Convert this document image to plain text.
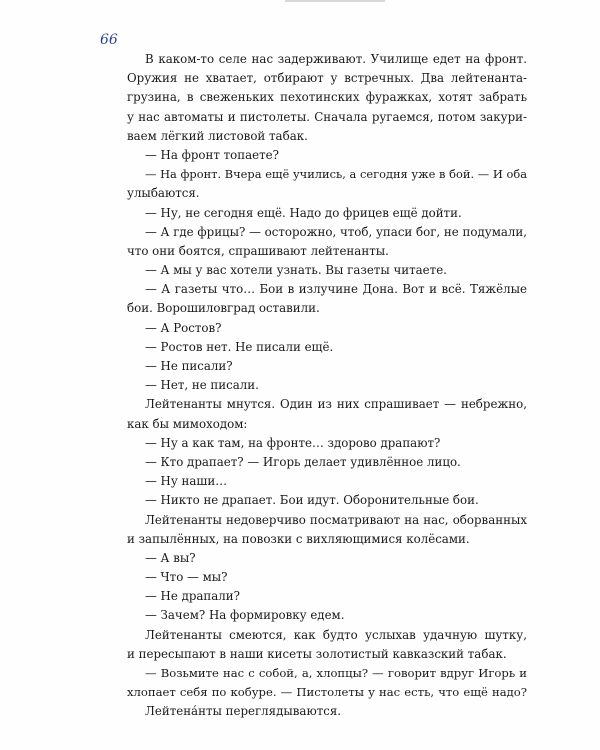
66
В каком-то селе нас задерживают. Училище едет на фронт.
Оружия не хватает, отбирают у встречных. Два лейтенанта-
грузина, в свеженьких пехотинских фуражках, хотят забрать
у нас автоматы и пистолеты. Сначала ругаемся, потом закури-
ваем лёгкий листовой табак.
— На фронт топаете?
— На фронт. Вчера ещё учились, а сегодня уже в бой. — И оба
улыбаются.
— Ну, не сегодня ещё. Надо до фрицев ещё дойти.
— А где фрицы? — осторожно, чтоб, упаси бог, не подумали,
что они боятся, спрашивают лейтенанты.
— А мы у вас хотели узнать. Вы газеты читаете.
— А газеты что… Бои в излучине Дона. Вот и всё. Тяжёлые
бои. Ворошиловград оставили.
— А Ростов?
— Ростов нет. Не писали ещё.
— Не писали?
— Нет, не писали.
Лейтенанты мнутся. Один из них спрашивает — небрежно,
как бы мимоходом:
— Ну а как там, на фронте… здорово драпают?
— Кто драпает? — Игорь делает удивлённое лицо.
— Ну наши…
— Никто не драпает. Бои идут. Оборонительные бои.
Лейтенанты недоверчиво посматривают на нас, оборванных
и запылённых, на повозки с вихляющимися колёсами.
— А вы?
— Что — мы?
— Не драпали?
— Зачем? На формировку едем.
Лейтенанты смеются, как будто услыхав удачную шутку,
и пересыпают в наши кисеты золотистый кавказский табак.
— Возьмите нас с собой, а, хлопцы? — говорит вдруг Игорь и
хлопает себя по кобуре. — Пистолеты у нас есть, что ещё надо?
Лейтена́нты переглядываются.
